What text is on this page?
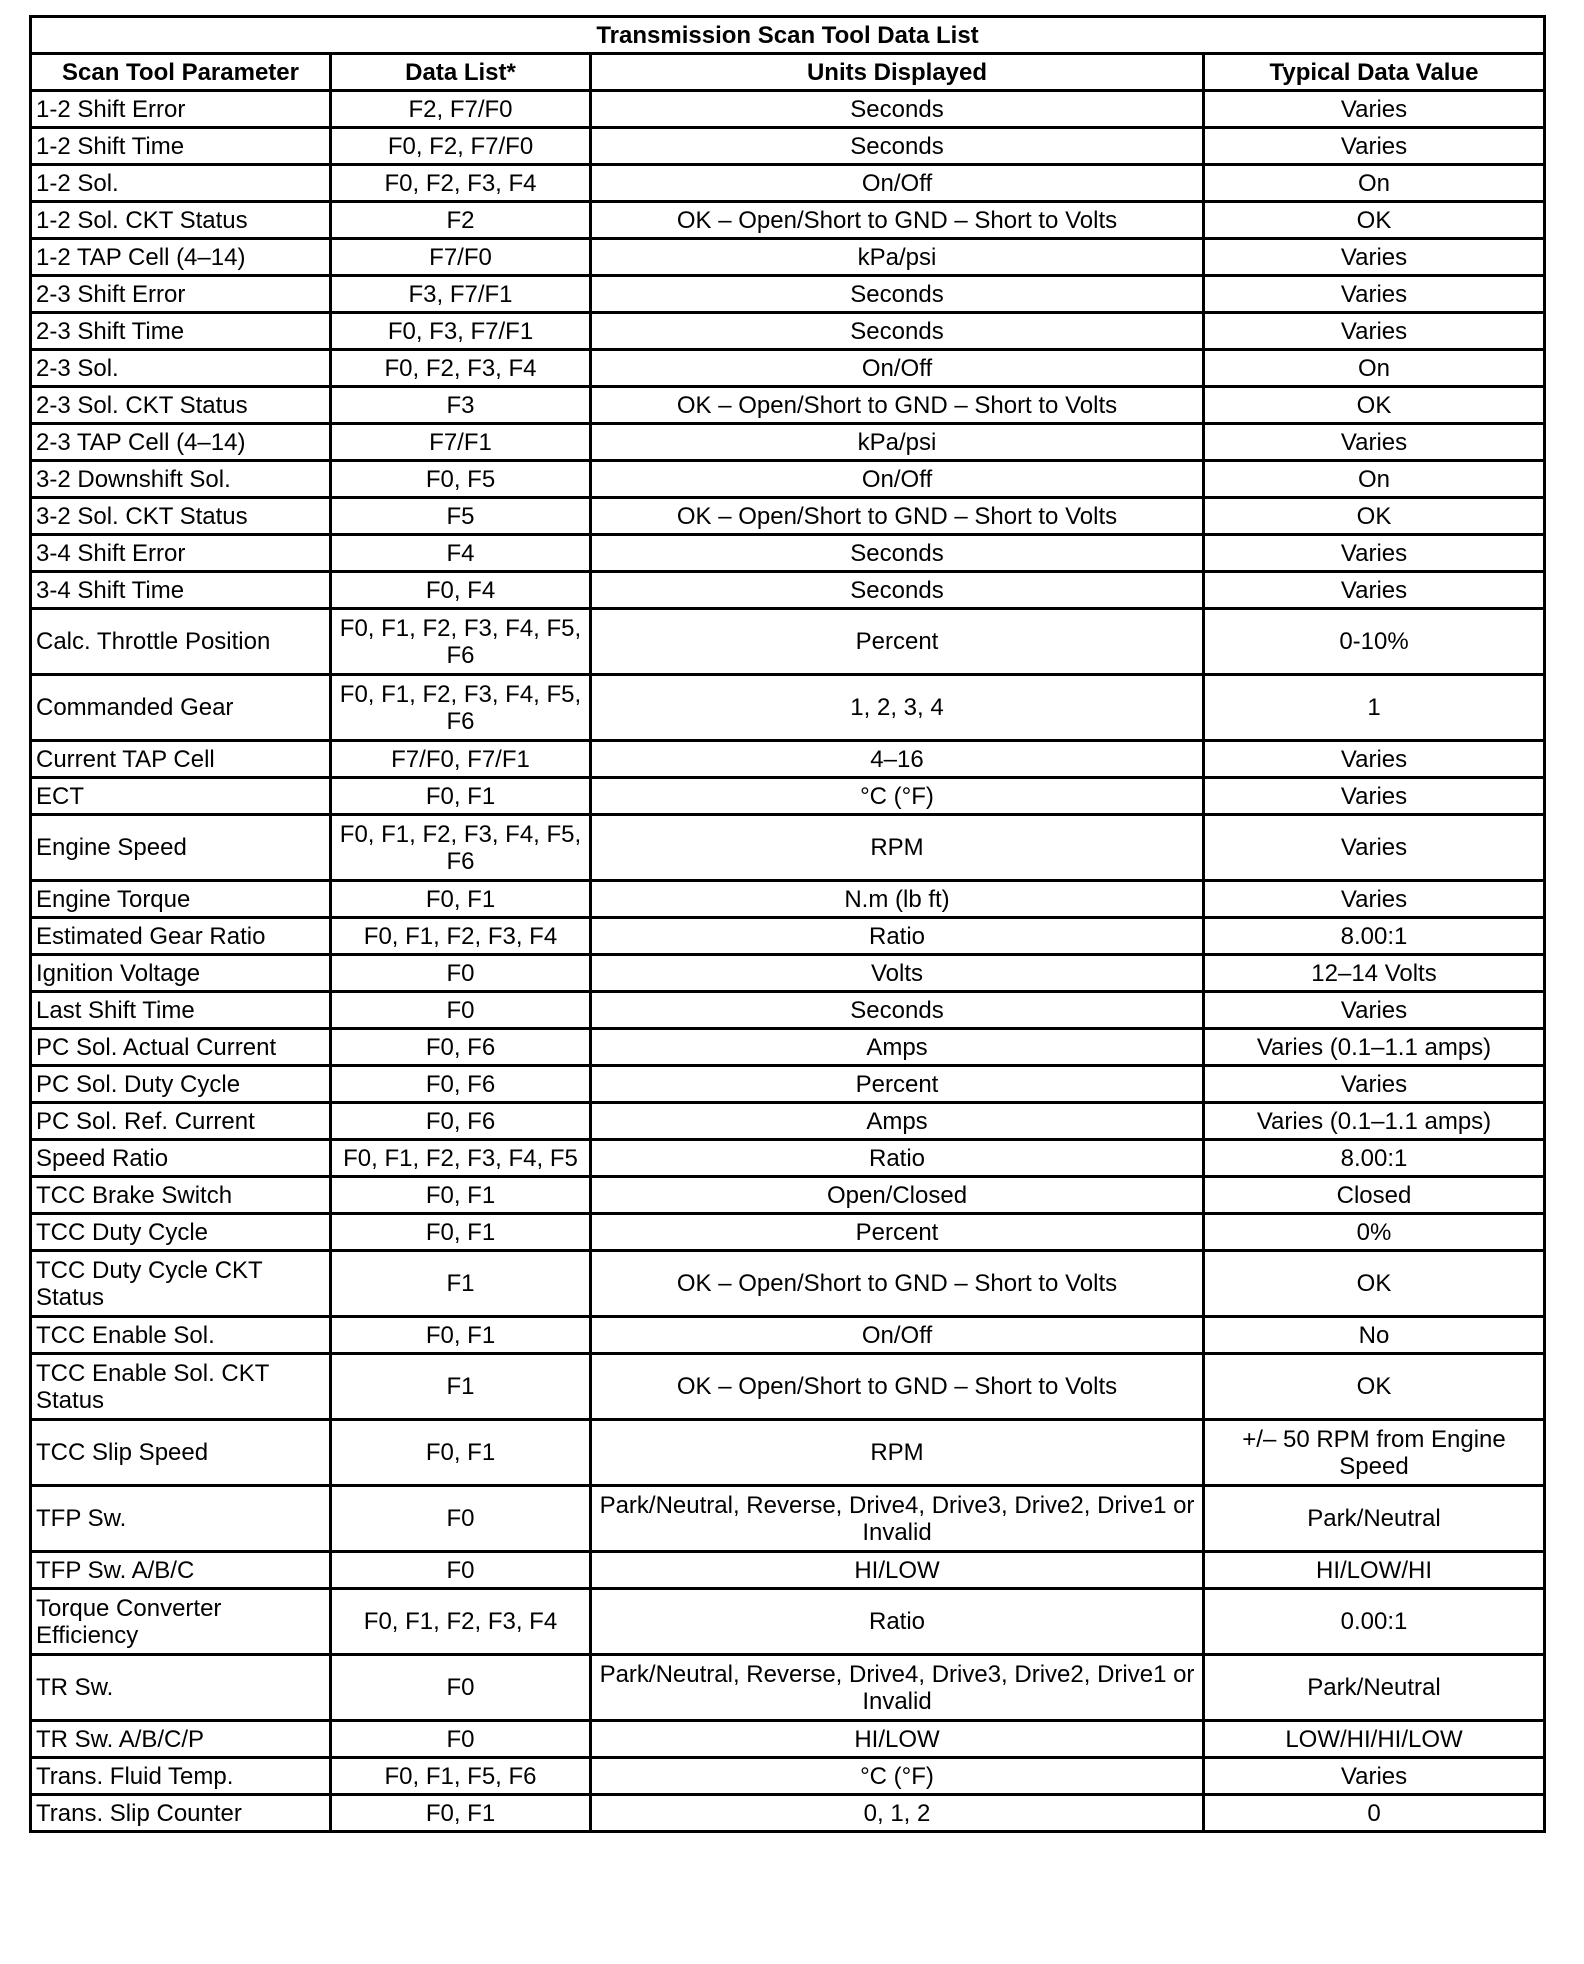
Transmission Scan Tool Data List			
Scan Tool Parameter	Data List*	Units Displayed	Typical Data Value
1-2 Shift Error	F2, F7/F0	Seconds	Varies
1-2 Shift Time	F0, F2, F7/F0	Seconds	Varies
1-2 Sol.	F0, F2, F3, F4	On/Off	On
1-2 Sol. CKT Status	F2	OK – Open/Short to GND – Short to Volts	OK
1-2 TAP Cell (4–14)	F7/F0	kPa/psi	Varies
2-3 Shift Error	F3, F7/F1	Seconds	Varies
2-3 Shift Time	F0, F3, F7/F1	Seconds	Varies
2-3 Sol.	F0, F2, F3, F4	On/Off	On
2-3 Sol. CKT Status	F3	OK – Open/Short to GND – Short to Volts	OK
2-3 TAP Cell (4–14)	F7/F1	kPa/psi	Varies
3-2 Downshift Sol.	F0, F5	On/Off	On
3-2 Sol. CKT Status	F5	OK – Open/Short to GND – Short to Volts	OK
3-4 Shift Error	F4	Seconds	Varies
3-4 Shift Time	F0, F4	Seconds	Varies
Calc. Throttle Position	F0, F1, F2, F3, F4, F5, F6	Percent	0-10%
Commanded Gear	F0, F1, F2, F3, F4, F5, F6	1, 2, 3, 4	1
Current TAP Cell	F7/F0, F7/F1	4–16	Varies
ECT	F0, F1	°C (°F)	Varies
Engine Speed	F0, F1, F2, F3, F4, F5, F6	RPM	Varies
Engine Torque	F0, F1	N.m (lb ft)	Varies
Estimated Gear Ratio	F0, F1, F2, F3, F4	Ratio	8.00:1
Ignition Voltage	F0	Volts	12–14 Volts
Last Shift Time	F0	Seconds	Varies
PC Sol. Actual Current	F0, F6	Amps	Varies (0.1–1.1 amps)
PC Sol. Duty Cycle	F0, F6	Percent	Varies
PC Sol. Ref. Current	F0, F6	Amps	Varies (0.1–1.1 amps)
Speed Ratio	F0, F1, F2, F3, F4, F5	Ratio	8.00:1
TCC Brake Switch	F0, F1	Open/Closed	Closed
TCC Duty Cycle	F0, F1	Percent	0%
TCC Duty Cycle CKT Status	F1	OK – Open/Short to GND – Short to Volts	OK
TCC Enable Sol.	F0, F1	On/Off	No
TCC Enable Sol. CKT Status	F1	OK – Open/Short to GND – Short to Volts	OK
TCC Slip Speed	F0, F1	RPM	+/– 50 RPM from Engine Speed
TFP Sw.	F0	Park/Neutral, Reverse, Drive4, Drive3, Drive2, Drive1 or Invalid	Park/Neutral
TFP Sw. A/B/C	F0	HI/LOW	HI/LOW/HI
Torque Converter Efficiency	F0, F1, F2, F3, F4	Ratio	0.00:1
TR Sw.	F0	Park/Neutral, Reverse, Drive4, Drive3, Drive2, Drive1 or Invalid	Park/Neutral
TR Sw. A/B/C/P	F0	HI/LOW	LOW/HI/HI/LOW
Trans. Fluid Temp.	F0, F1, F5, F6	°C (°F)	Varies
Trans. Slip Counter	F0, F1	0, 1, 2	0
